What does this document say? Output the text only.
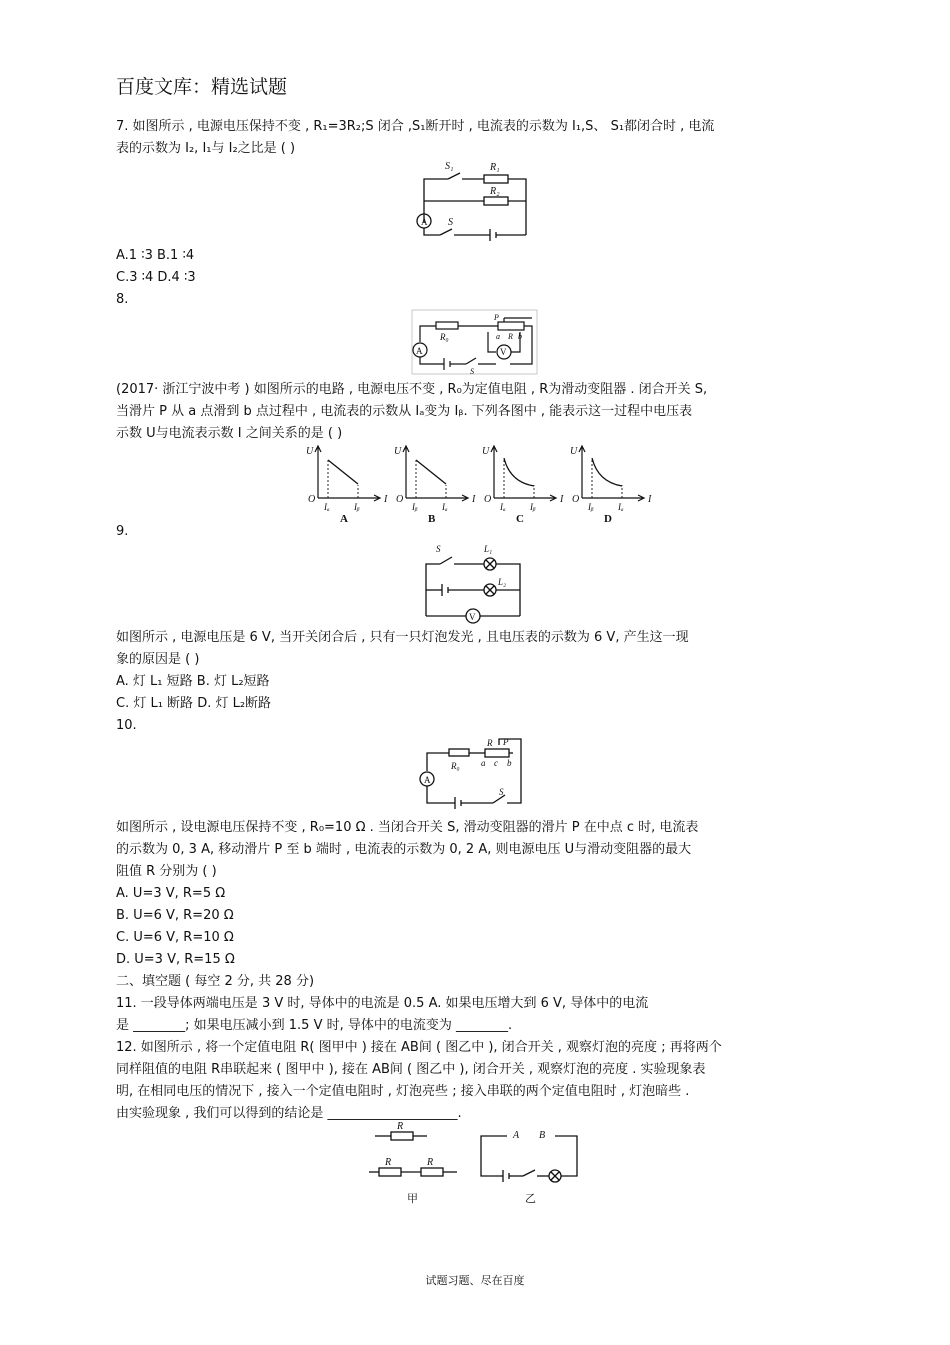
百度文库：精选试题
7. 如图所示 , 电源电压保持不变 , R₁=3R₂;S 闭合 ,S₁断开时 , 电流表的示数为 I₁,S、 S₁都闭合时 , 电流
表的示数为 I₂, I₁与 I₂之比是 ( )
A
S₁	R₁
R₂
S
A.1 ∶3 B.1 ∶4
C.3 ∶4 D.4 ∶3
8.
A	V
R₀
P
a R b
S
(2017· 浙江宁波中考 ) 如图所示的电路 , 电源电压不变 , R₀为定值电阻 , R为滑动变阻器 . 闭合开关 S,
当滑片 P 从 a 点滑到 b 点过程中 , 电流表的示数从 Iₐ变为 Iᵦ. 下列各图中 , 能表示这一过程中电压表
示数 U与电流表示数 I 之间关系的是 ( )
U
O	I
Iₐ	Iᵦ
A
U
O	I
Iᵦ	Iₐ
B
U
O	I
Iₐ	Iᵦ
C
U
O	I
Iᵦ	Iₐ
D
9.
S	L₁
L₂
V
如图所示 , 电源电压是 6 V, 当开关闭合后 , 只有一只灯泡发光 , 且电压表的示数为 6 V, 产生这一现
象的原因是 ( )
A. 灯 L₁ 短路 B. 灯 L₂短路
C. 灯 L₁ 断路 D. 灯 L₂断路
10.
A
R₀
R P
a c b
S
如图所示 , 设电源电压保持不变 , R₀=10 Ω . 当闭合开关 S, 滑动变阻器的滑片 P 在中点 c 时, 电流表
的示数为 0, 3 A, 移动滑片 P 至 b 端时 , 电流表的示数为 0, 2 A, 则电源电压 U与滑动变阻器的最大
阻值 R 分别为 ( )
A. U=3 V, R=5 Ω
B. U=6 V, R=20 Ω
C. U=6 V, R=10 Ω
D. U=3 V, R=15 Ω
二、填空题 ( 每空 2 分, 共 28 分)
11. 一段导体两端电压是 3 V 时, 导体中的电流是 0.5 A. 如果电压增大到 6 V, 导体中的电流
是 ________; 如果电压减小到 1.5 V 时, 导体中的电流变为 ________.
12. 如图所示 , 将一个定值电阻 R( 图甲中 ) 接在 AB间 ( 图乙中 ), 闭合开关 , 观察灯泡的亮度 ; 再将两个
同样阻值的电阻 R串联起来 ( 图甲中 ), 接在 AB间 ( 图乙中 ), 闭合开关 , 观察灯泡的亮度 . 实验现象表
明, 在相同电压的情况下 , 接入一个定值电阻时 , 灯泡亮些 ; 接入串联的两个定值电阻时 , 灯泡暗些 .
由实验现象 , 我们可以得到的结论是 ____________________.
R
R	R
A B
甲	乙
试题习题、尽在百度
